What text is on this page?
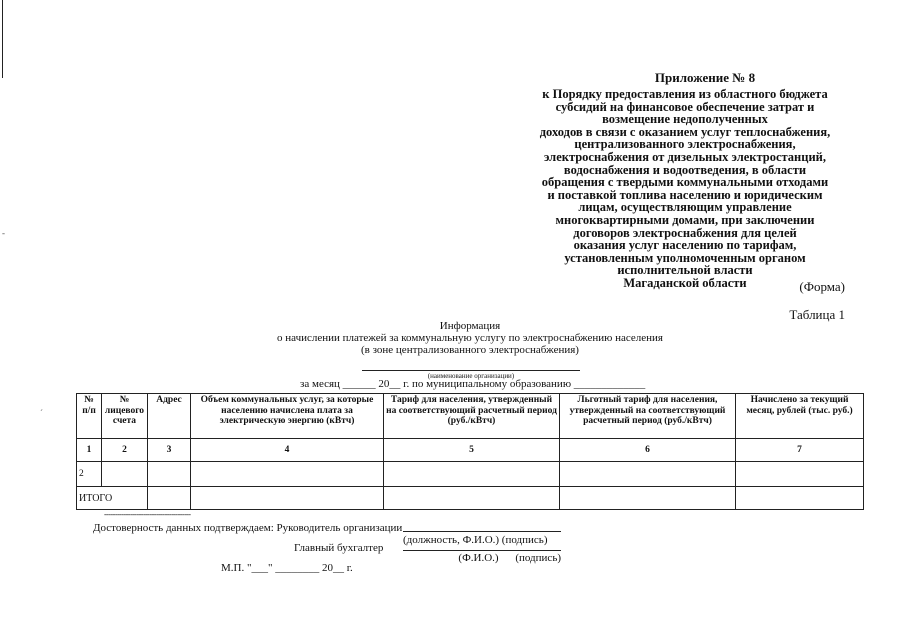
-
ˊ
Приложение № 8
к Порядку предоставления из областного бюджета
субсидий на финансовое обеспечение затрат и
возмещение недополученных
доходов в связи с оказанием услуг теплоснабжения,
централизованного электроснабжения,
электроснабжения от дизельных электростанций,
водоснабжения и водоотведения, в области
обращения с твердыми коммунальными отходами
и поставкой топлива населению и юридическим
лицам, осуществляющим управление
многоквартирными домами, при заключении
договоров электроснабжения для целей
оказания услуг населению по тарифам,
установленным уполномоченным органом
исполнительной власти
Магаданской области	(Форма)
Таблица 1
Информация
о начислении платежей за коммунальную услугу по электроснабжению населения
(в зоне централизованного электроснабжения)
(наименование организации)
за месяц ______ 20__ г. по муниципальному образованию _____________
№ п/п	№ лицевого счета	Адрес	Объем коммунальных услуг, за которые населению начислена плата за электрическую энергию (кВтч)	Тариф для населения, утвержденный на соответствующий расчетный период (руб./кВтч)	Льготный тариф для населения, утвержденный на соответствующий расчетный период (руб./кВтч)	Начислено за текущий месяц, рублей (тыс. руб.)
1	2	3	4	5	6	7
2						
ИТОГО						
----------------------------------------
Достоверность данных подтверждаем: Руководитель организации
(должность, Ф.И.О.) (подпись)
Главный бухгалтер
(Ф.И.О.) (подпись)
М.П. "___" ________ 20__ г.
